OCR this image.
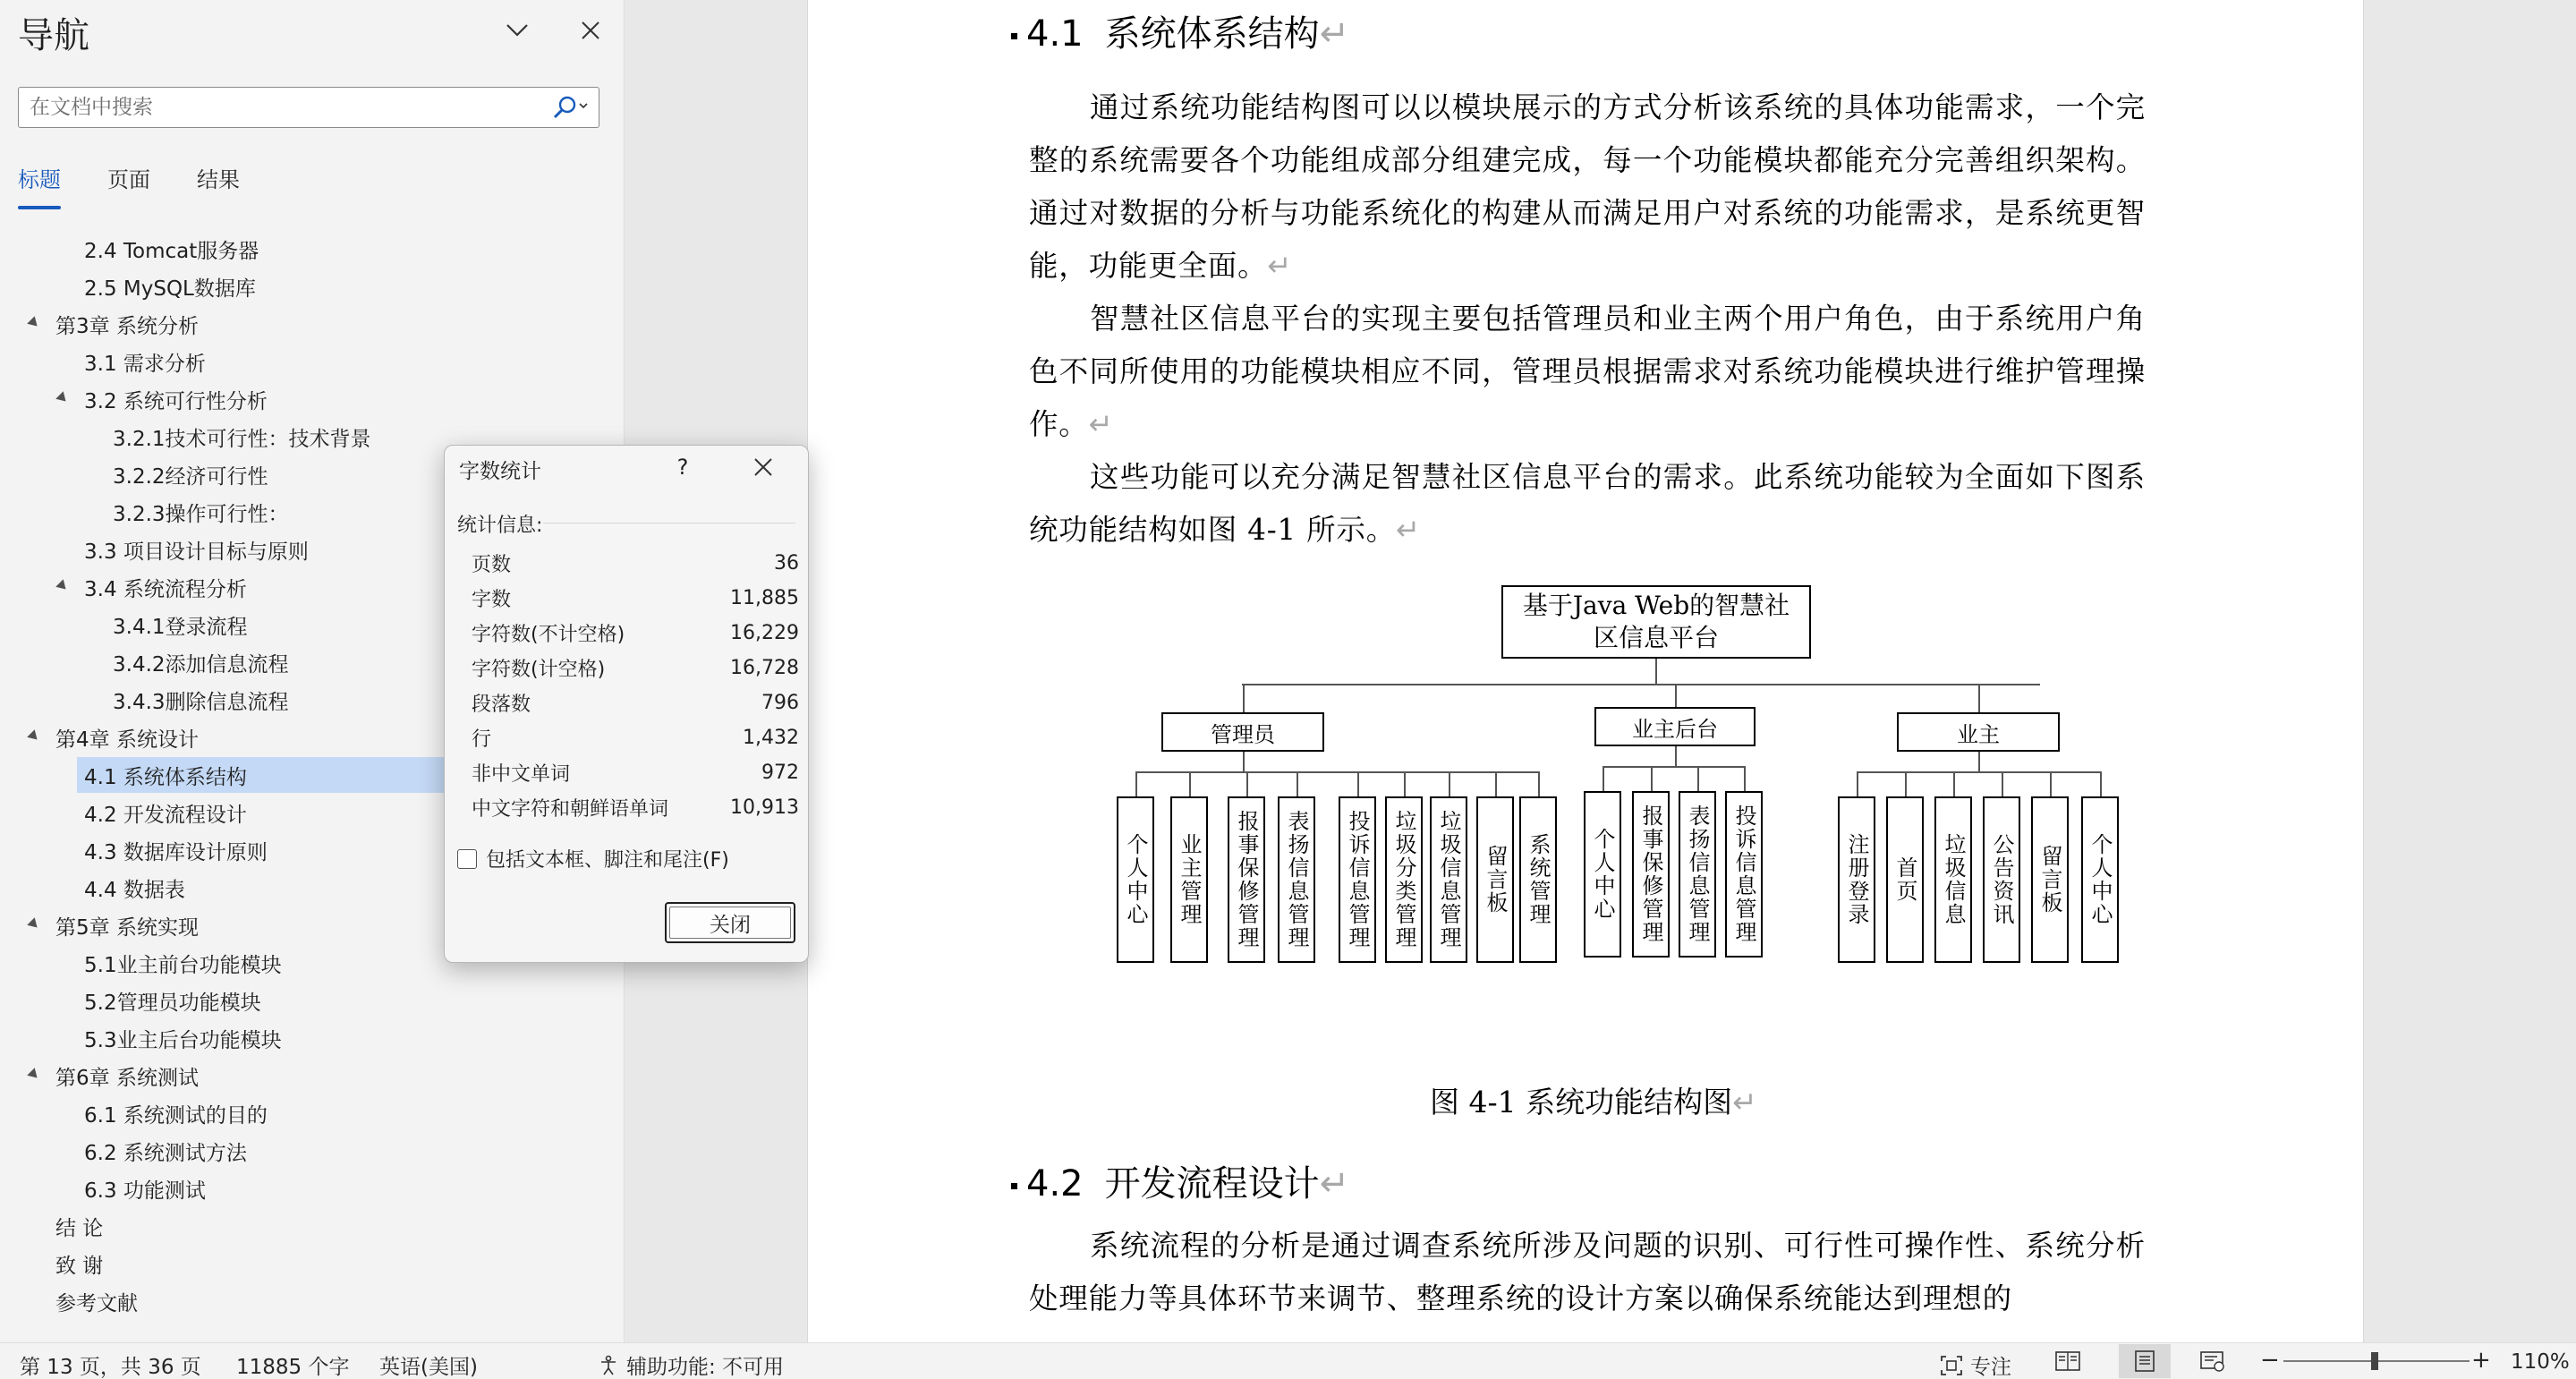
导航
在文档中搜索
标题 页面 结果
2.4 Tomcat服务器
2.5 MySQL数据库
第3章 系统分析
3.1 需求分析
3.2 系统可行性分析
3.2.1技术可行性：技术背景
3.2.2经济可行性
3.2.3操作可行性：
3.3 项目设计目标与原则
3.4 系统流程分析
3.4.1登录流程
3.4.2添加信息流程
3.4.3删除信息流程
第4章 系统设计
4.1 系统体系结构
4.2 开发流程设计
4.3 数据库设计原则
4.4 数据表
第5章 系统实现
5.1业主前台功能模块
5.2管理员功能模块
5.3业主后台功能模块
第6章 系统测试
6.1 系统测试的目的
6.2 系统测试方法
6.3 功能测试
结 论
致 谢
参考文献
4.1 系统体系结构↵
通过系统功能结构图可以以模块展示的方式分析该系统的具体功能需求，一个完整的系统需要各个功能组成部分组建完成，每一个功能模块都能充分完善组织架构。通过对数据的分析与功能系统化的构建从而满足用户对系统的功能需求，是系统更智能，功能更全面。↵
智慧社区信息平台的实现主要包括管理员和业主两个用户角色，由于系统用户角色不同所使用的功能模块相应不同，管理员根据需求对系统功能模块进行维护管理操作。↵
这些功能可以充分满足智慧社区信息平台的需求。此系统功能较为全面如下图系统功能结构如图 4-1 所示。↵
基于Java Web的智慧社区信息平台
管理员
个人中心 业主管理 报事保修管理 表扬信息管理 投诉信息管理 垃圾分类管理 垃圾信息管理 留言板 系统管理
业主后台
个人中心 报事保修管理 表扬信息管理 投诉信息管理
业主
注册登录 首页 垃圾信息 公告资讯 留言板 个人中心
图 4-1 系统功能结构图↵
4.2 开发流程设计↵
系统流程的分析是通过调查系统所涉及问题的识别、可行性可操作性、系统分析处理能力等具体环节来调节、整理系统的设计方案以确保系统能达到理想的
字数统计	?
统计信息:
页数	36
字数	11,885
字符数(不计空格)	16,229
字符数(计空格)	16,728
段落数	796
行	1,432
非中文单词	972
中文字符和朝鲜语单词	10,913
包括文本框、脚注和尾注(F)
关闭
第 13 页，共 36 页 11885 个字 英语(美国)	辅助功能: 不可用	专注	−	+ 110%
